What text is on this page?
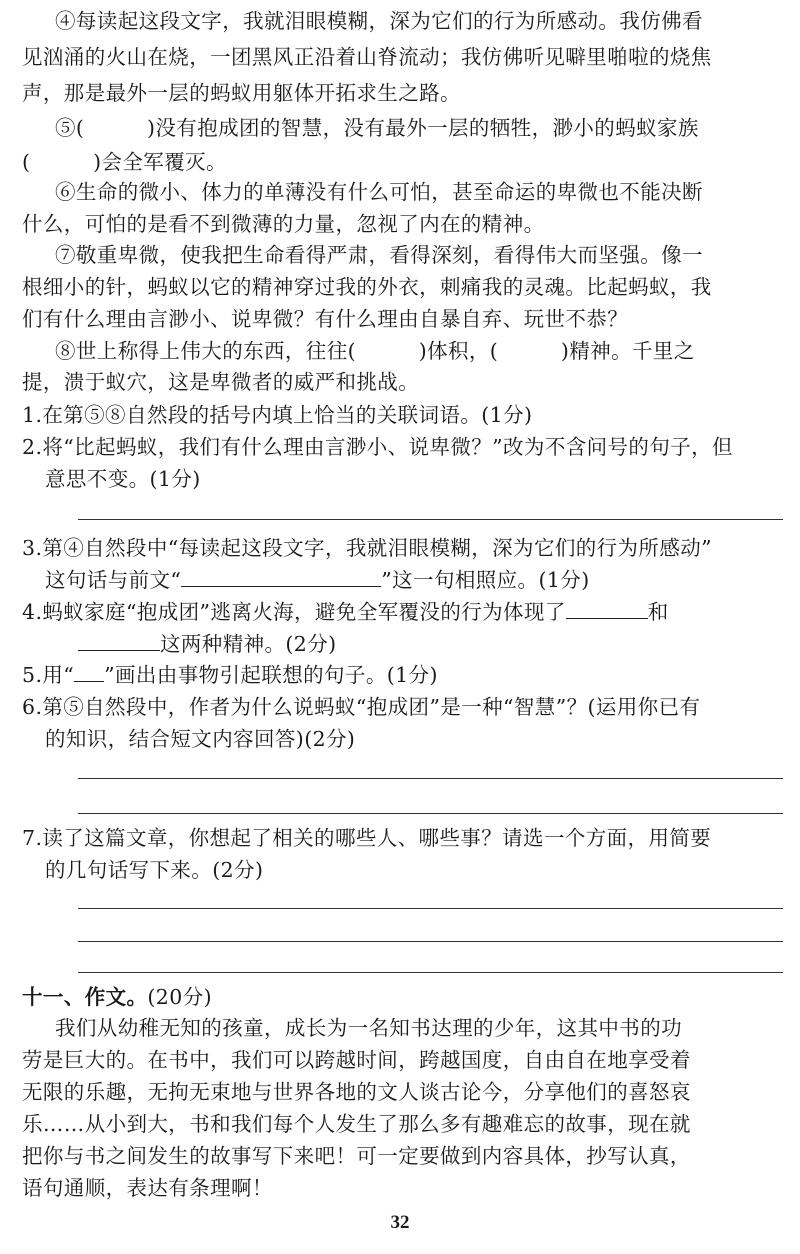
④每读起这段文字，我就泪眼模糊，深为它们的行为所感动。我仿佛看
见汹涌的火山在烧，一团黑风正沿着山脊流动；我仿佛听见噼里啪啦的烧焦
声，那是最外一层的蚂蚁用躯体开拓求生之路。
⑤(　　　)没有抱成团的智慧，没有最外一层的牺牲，渺小的蚂蚁家族
(　　　)会全军覆灭。
⑥生命的微小、体力的单薄没有什么可怕，甚至命运的卑微也不能决断
什么，可怕的是看不到微薄的力量，忽视了内在的精神。
⑦敬重卑微，使我把生命看得严肃，看得深刻，看得伟大而坚强。像一
根细小的针，蚂蚁以它的精神穿过我的外衣，刺痛我的灵魂。比起蚂蚁，我
们有什么理由言渺小、说卑微？有什么理由自暴自弃、玩世不恭？
⑧世上称得上伟大的东西，往往(　　　)体积，(　　　)精神。千里之
提，溃于蚁穴，这是卑微者的威严和挑战。
1.在第⑤⑧自然段的括号内填上恰当的关联词语。(1分)
2.将“比起蚂蚁，我们有什么理由言渺小、说卑微？”改为不含问号的句子，但
意思不变。(1分)
3.第④自然段中“每读起这段文字，我就泪眼模糊，深为它们的行为所感动”
这句话与前文“	”这一句相照应。(1分)
4.蚂蚁家庭“抱成团”逃离火海，避免全军覆没的行为体现了	和
这两种精神。(2分)
5.用“ ”画出由事物引起联想的句子。(1分)
6.第⑤自然段中，作者为什么说蚂蚁“抱成团”是一种“智慧”？(运用你已有
的知识，结合短文内容回答)(2分)
7.读了这篇文章，你想起了相关的哪些人、哪些事？请选一个方面，用简要
的几句话写下来。(2分)
十一、作文。(20分)
我们从幼稚无知的孩童，成长为一名知书达理的少年，这其中书的功
劳是巨大的。在书中，我们可以跨越时间，跨越国度，自由自在地享受着
无限的乐趣，无拘无束地与世界各地的文人谈古论今，分享他们的喜怒哀
乐……从小到大，书和我们每个人发生了那么多有趣难忘的故事，现在就
把你与书之间发生的故事写下来吧！可一定要做到内容具体，抄写认真，
语句通顺，表达有条理啊！
32
